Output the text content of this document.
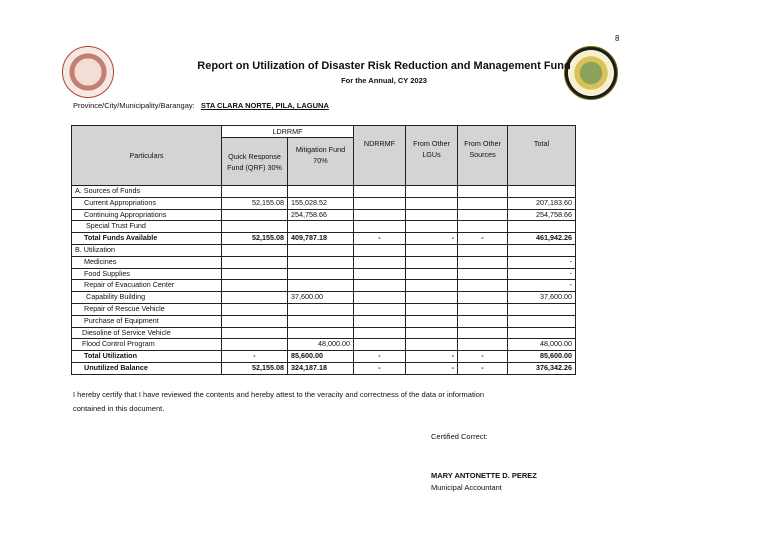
8
Report on Utilization of Disaster Risk Reduction and Management Fund
For the Annual, CY 2023
Province/City/Municipality/Barangay: STA CLARA NORTE, PILA, LAGUNA
Particulars	LDRRMF		NDRRMF	From Other LGUs	From Other Sources	Total
	Quick Response Fund (QRF) 30%	Mitigation Fund 70%				
A. Sources of Funds						
Current Appropriations	52,155.08	155,028.52				207,183.60
Continuing Appropriations		254,758.66				254,758.66
Special Trust Fund						
Total Funds Available	52,155.08	409,787.18	-	-	-	461,942.26
B. Utilization						
Medicines						-
Food Supplies						-
Repair of Evacuation Center						-
Capability Building		37,600.00				37,600.00
Repair of Rescue Vehicle						
Purchase of Equipment						
Diesoline of Service Vehicle						
Flood Control Program		48,000.00				48,000.00
Total Utilization	-	85,600.00	-	-	-	85,600.00
Unutilized Balance	52,155.08	324,187.18	-	-	-	376,342.26
I hereby certify that I have reviewed the contents and hereby attest to the veracity and correctness of the data or information contained in this document.
Certified Correct:
MARY ANTONETTE D. PEREZ
Municipal Accountant
